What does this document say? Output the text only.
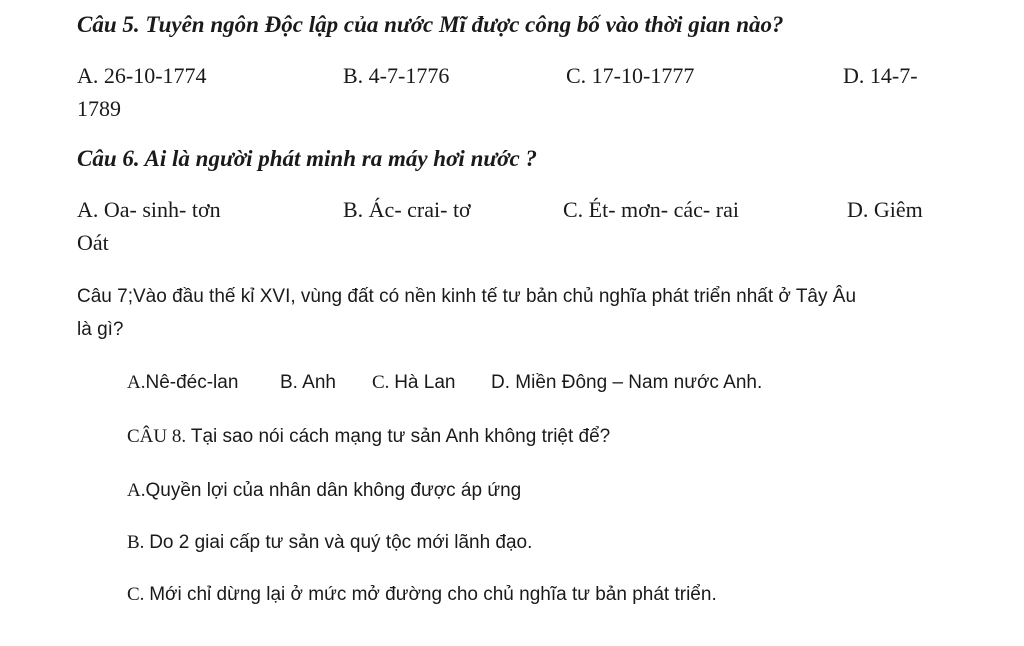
Câu 5. Tuyên ngôn Độc lập của nước Mĩ được công bố vào thời gian nào?
A. 26-10-1774	B. 4-7-1776	C. 17-10-1777	D. 14-7-
1789
Câu 6. Ai là người phát minh ra máy hơi nước ?
A. Oa- sinh- tơn	B. Ác- crai- tơ	C. Ét- mơn- các- rai	D. Giêm
Oát
Câu 7;Vào đầu thế kỉ XVI, vùng đất có nền kinh tế tư bản chủ nghĩa phát triển nhất ở Tây Âu
là gì?
A.Nê-đéc-lan B. Anh C. Hà Lan D. Miền Đông – Nam nước Anh.
CÂU 8. Tại sao nói cách mạng tư sản Anh không triệt để?
A.Quyền lợi của nhân dân không được áp ứng
B. Do 2 giai cấp tư sản và quý tộc mới lãnh đạo.
C. Mới chỉ dừng lại ở mức mở đường cho chủ nghĩa tư bản phát triển.
